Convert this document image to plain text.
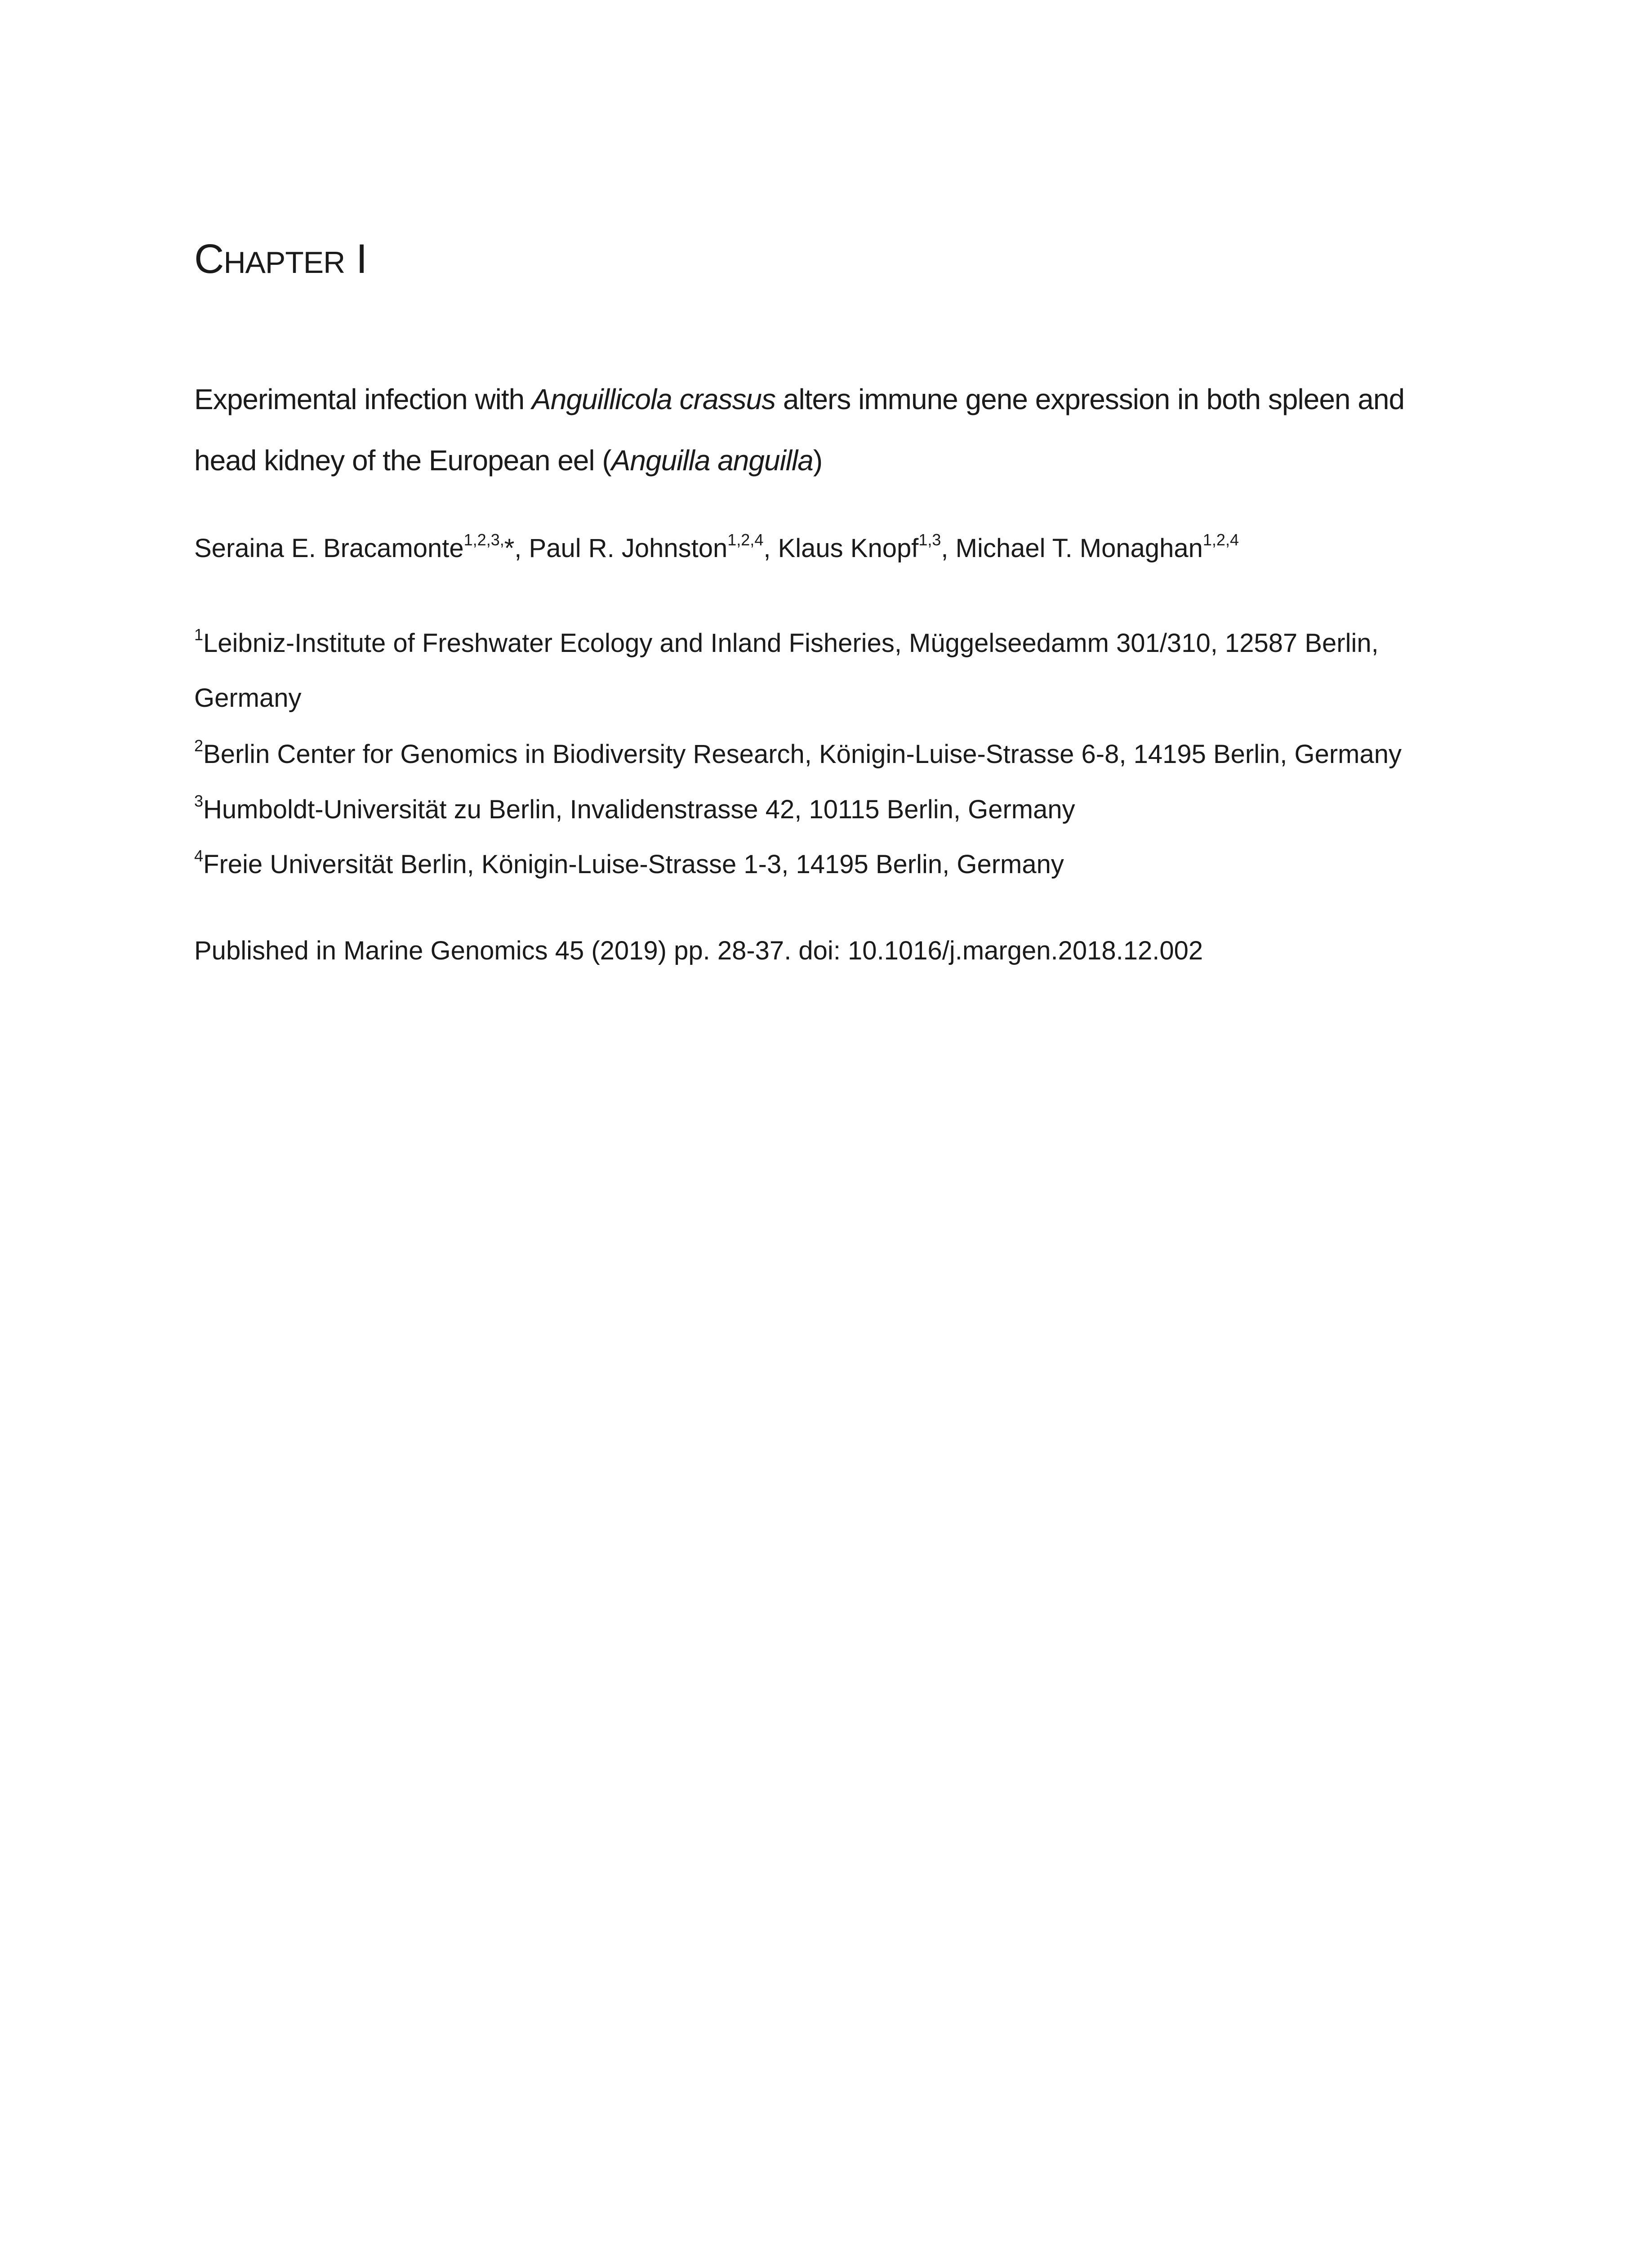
CHAPTER I
Experimental infection with Anguillicola crassus alters immune gene expression in both spleen and head kidney of the European eel (Anguilla anguilla)
Seraina E. Bracamonte$^{1,2,3,}$*, Paul R. Johnston$^{1,2,4}$, Klaus Knopf$^{1,3}$, Michael T. Monaghan$^{1,2,4}$
$^1$Leibniz-Institute of Freshwater Ecology and Inland Fisheries, Müggelseedamm 301/310, 12587 Berlin, Germany
$^2$Berlin Center for Genomics in Biodiversity Research, Königin-Luise-Strasse 6-8, 14195 Berlin, Germany
$^3$Humboldt-Universität zu Berlin, Invalidenstrasse 42, 10115 Berlin, Germany
$^4$Freie Universität Berlin, Königin-Luise-Strasse 1-3, 14195 Berlin, Germany
Published in Marine Genomics 45 (2019) pp. 28-37. doi: 10.1016/j.margen.2018.12.002
